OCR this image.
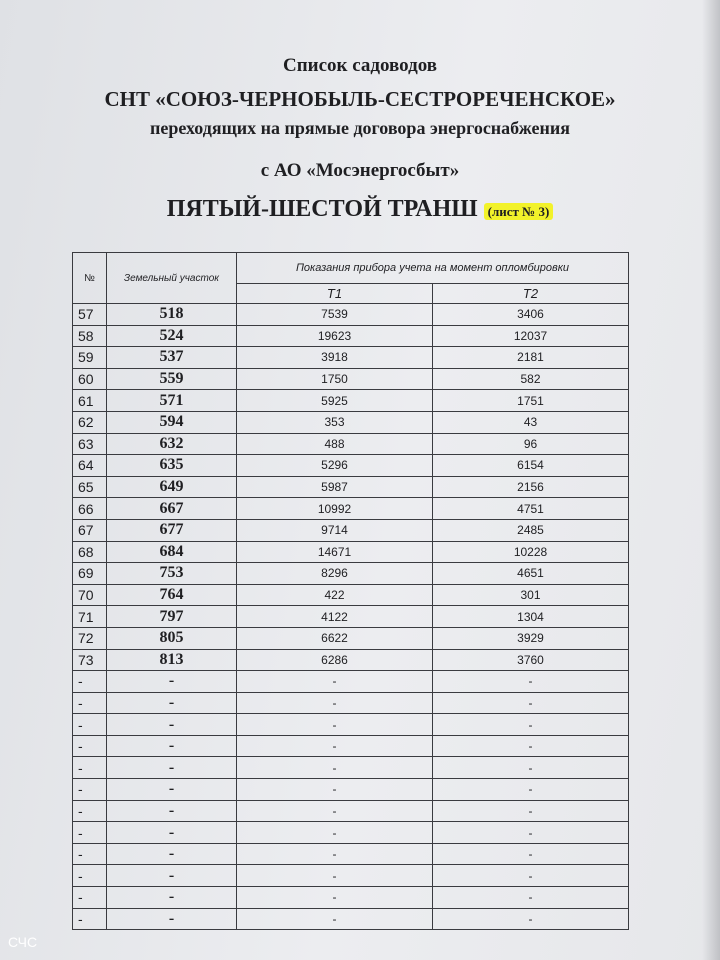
Список садоводов
СНТ «СОЮЗ-ЧЕРНОБЫЛЬ-СЕСТРОРЕЧЕНСКОЕ»
переходящих на прямые договора энергоснабжения
с АО «Мосэнергосбыт»
ПЯТЫЙ-ШЕСТОЙ ТРАНШ (лист № 3)
№	Земельный участок	Показания прибора учета на момент опломбировки	
		Т1	Т2
57	518	7539	3406
58	524	19623	12037
59	537	3918	2181
60	559	1750	582
61	571	5925	1751
62	594	353	43
63	632	488	96
64	635	5296	6154
65	649	5987	2156
66	667	10992	4751
67	677	9714	2485
68	684	14671	10228
69	753	8296	4651
70	764	422	301
71	797	4122	1304
72	805	6622	3929
73	813	6286	3760
-	-	-	-
-	-	-	-
-	-	-	-
-	-	-	-
-	-	-	-
-	-	-	-
-	-	-	-
-	-	-	-
-	-	-	-
-	-	-	-
-	-	-	-
-	-	-	-
СЧС
